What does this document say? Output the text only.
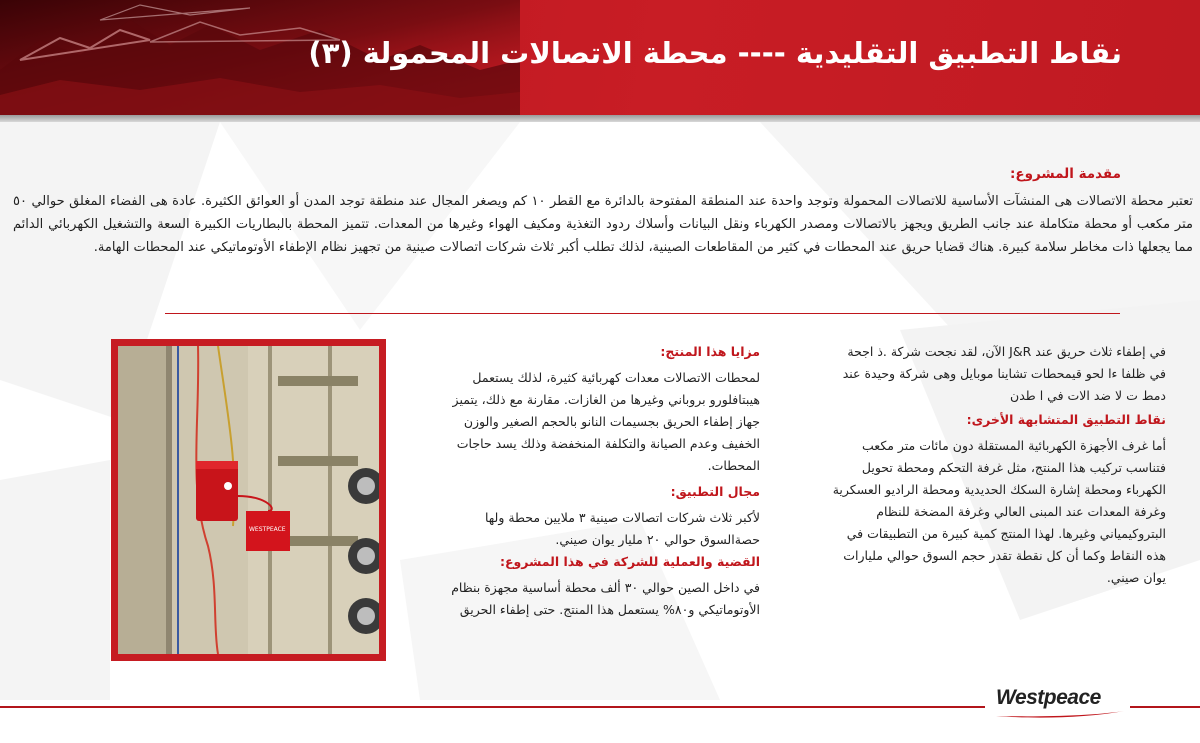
نقاط التطبيق التقليدية ---- محطة الاتصالات المحمولة (٣)
مقدمة المشروع:
تعتبر محطة الاتصالات هى المنشآت الأساسية للاتصالات المحمولة وتوجد واحدة عند المنطقة المفتوحة بالدائرة مع القطر ١٠ كم ويصغر المجال عند منطقة توجد المدن أو العوائق الكثيرة. عادة هى الفضاء المغلق حوالي ٥٠ متر مكعب أو محطة متكاملة عند جانب الطريق ويجهز بالاتصالات ومصدر الكهرباء ونقل البيانات وأسلاك ردود التغذية ومكيف الهواء وغيرها من المعدات. تتميز المحطة بالبطاريات الكبيرة السعة والتشغيل الكهربائي الدائم مما يجعلها ذات مخاطر سلامة كبيرة. هناك قضايا حريق عند المحطات في كثير من المقاطعات الصينية، لذلك تطلب أكبر ثلاث شركات اتصالات صينية من تجهيز نظام الإطفاء الأوتوماتيكي عند المحطات الهامة.
WESTPEACE

مزايا هذا المنتج:

لمحطات الاتصالات معدات كهربائية كثيرة، لذلك يستعمل هيبتافلورو بروباني وغيرها من الغازات. مقارنة مع ذلك، يتميز جهاز إطفاء الحريق بجسيمات النانو بالحجم الصغير والوزن الخفيف وعدم الصيانة والتكلفة المنخفضة وذلك يسد حاجات المحطات.

مجال التطبيق:

لأكبر ثلاث شركات اتصالات صينية ٣ ملايين محطة ولها حصةالسوق حوالي ٢٠ مليار يوان صيني.

القضية والعملية للشركة في هذا المشروع:

في داخل الصين حوالي ٣٠ ألف محطة أساسية مجهزة بنظام الأوتوماتيكي و٨٠% يستعمل هذا المنتج. حتى إطفاء الحريق

في إطفاء ثلاث حريق عند J&R الآن، لقد نجحت شركة .ذ اجحة في ظلفا ءا لحو قيمحطات تشاينا موبايل وهى شركة وحيدة عند دمط ت لا ضد الات في ا طدن

نقاط التطبيق المتشابهة الأخرى:

أما غرف الأجهزة الكهربائية المستقلة دون مائات متر مكعب فتناسب تركيب هذا المنتج، مثل غرفة التحكم ومحطة تحويل الكهرباء ومحطة إشارة السكك الحديدية ومحطة الراديو العسكرية وغرفة المعدات عند المبنى العالي وغرفة المضخة للنظام البتروكيمياني وغيرها. لهذا المنتج كمية كبيرة من التطبيقات في هذه النقاط وكما أن كل نقطة تقدر حجم السوق حوالي مليارات يوان صيني.

Westpeace
